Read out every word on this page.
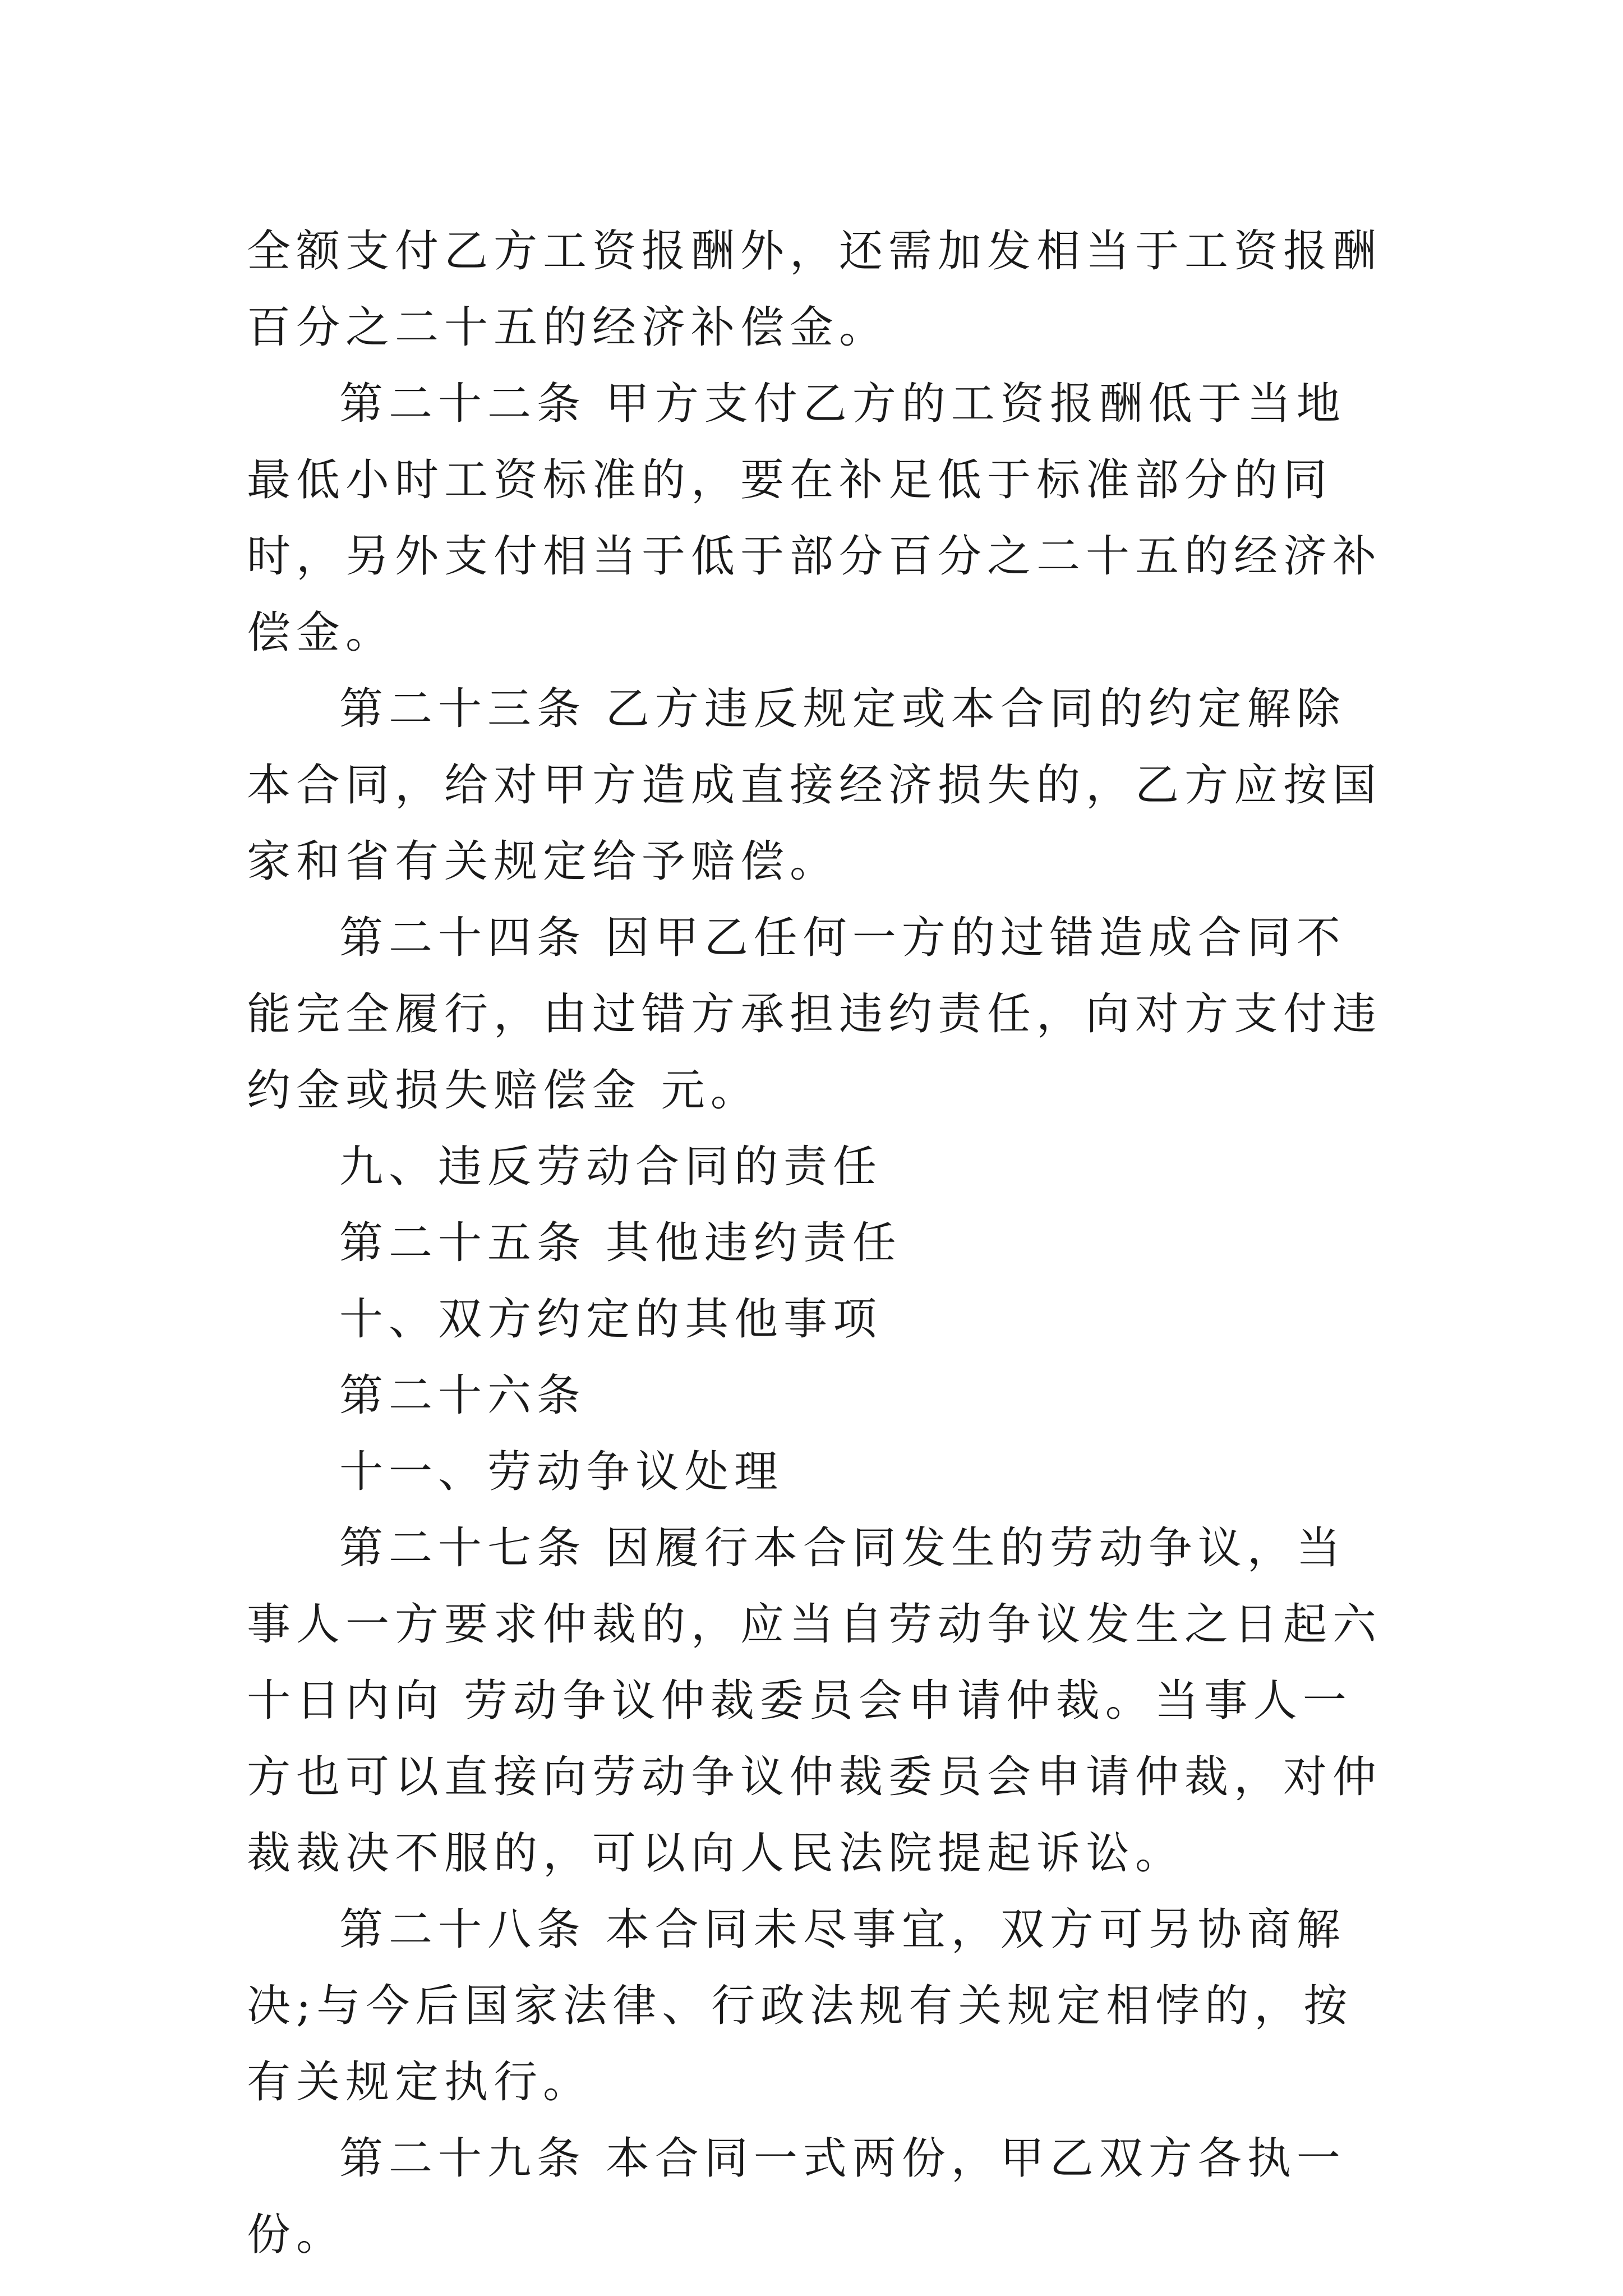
全额支付乙方工资报酬外，还需加发相当于工资报酬百分之二十五的经济补偿金。

第二十二条 甲方支付乙方的工资报酬低于当地最低小时工资标准的，要在补足低于标准部分的同时，另外支付相当于低于部分百分之二十五的经济补偿金。

第二十三条 乙方违反规定或本合同的约定解除本合同，给对甲方造成直接经济损失的，乙方应按国家和省有关规定给予赔偿。

第二十四条 因甲乙任何一方的过错造成合同不能完全履行，由过错方承担违约责任，向对方支付违约金或损失赔偿金 元。

九、违反劳动合同的责任

第二十五条 其他违约责任

十、双方约定的其他事项

第二十六条

十一、劳动争议处理

第二十七条 因履行本合同发生的劳动争议，当事人一方要求仲裁的，应当自劳动争议发生之日起六十日内向 劳动争议仲裁委员会申请仲裁。当事人一方也可以直接向劳动争议仲裁委员会申请仲裁，对仲裁裁决不服的，可以向人民法院提起诉讼。

第二十八条 本合同未尽事宜，双方可另协商解决;与今后国家法律、行政法规有关规定相悖的，按有关规定执行。

第二十九条 本合同一式两份，甲乙双方各执一份。
